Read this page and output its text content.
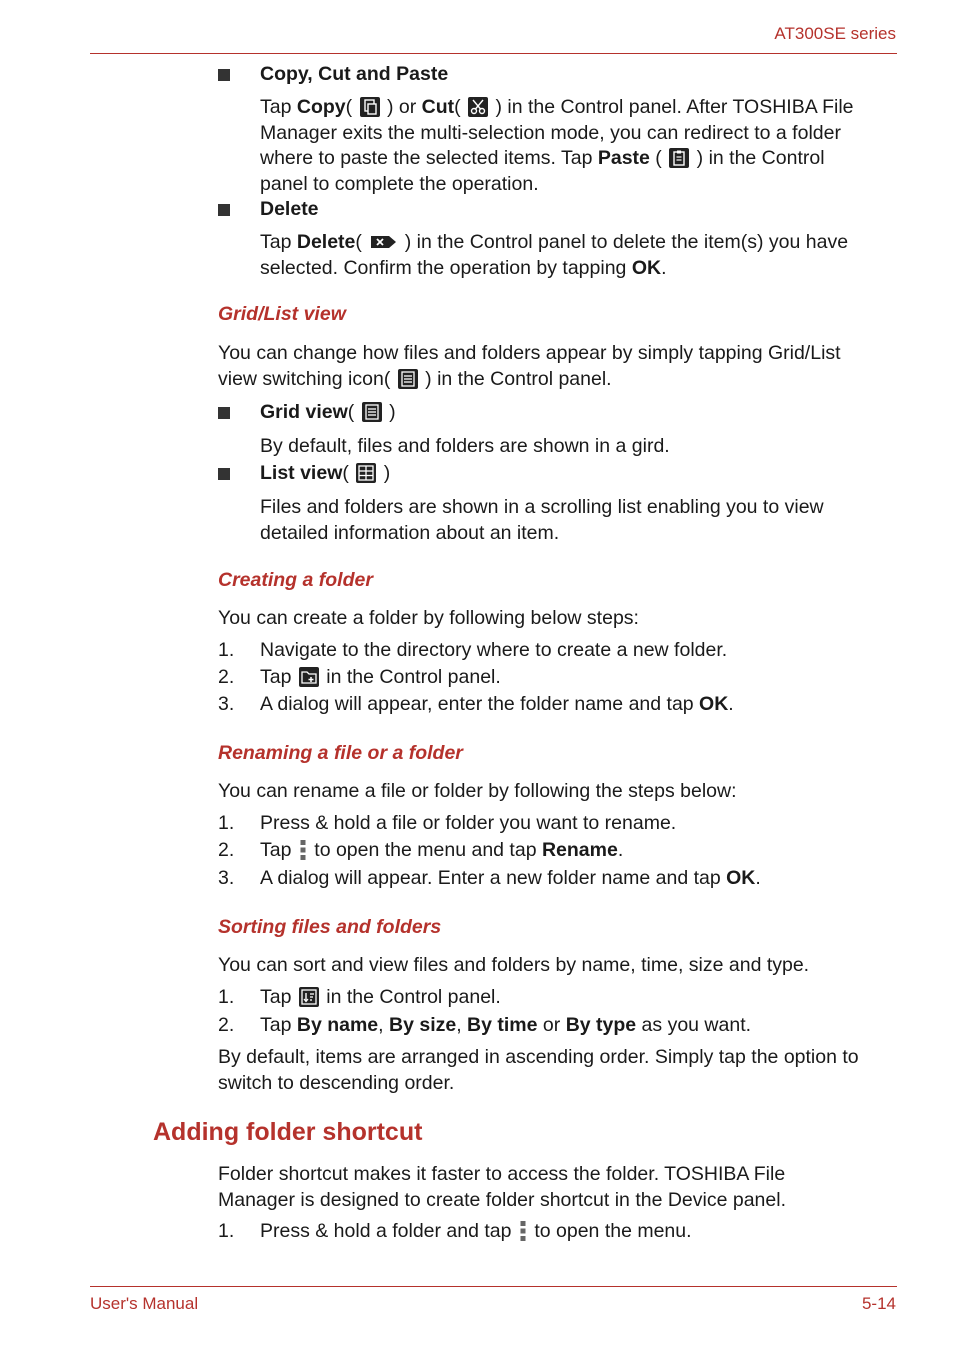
AT300SE series
Copy, Cut and Paste
Tap Copy(
) or Cut(
) in the Control panel. After TOSHIBA File
Manager exits the multi-selection mode, you can redirect to a folder
where to paste the selected items. Tap Paste (
) in the Control
panel to complete the operation.
Delete
Tap Delete(
) in the Control panel to delete the item(s) you have
selected. Confirm the operation by tapping OK.
Grid/List view
You can change how files and folders appear by simply tapping Grid/List
view switching icon(
) in the Control panel.
Grid view(
)
By default, files and folders are shown in a gird.
List view(
)
Files and folders are shown in a scrolling list enabling you to view
detailed information about an item.
Creating a folder
You can create a folder by following below steps:
1. Navigate to the directory where to create a new folder.
2. Tap
in the Control panel.
3. A dialog will appear, enter the folder name and tap OK.
Renaming a file or a folder
You can rename a file or folder by following the steps below:
1. Press & hold a file or folder you want to rename.
2. Tap  to open the menu and tap Rename.
3. A dialog will appear. Enter a new folder name and tap OK.
Sorting files and folders
You can sort and view files and folders by name, time, size and type.
1. Tap
in the Control panel.
2. Tap By name, By size, By time or By type as you want.
By default, items are arranged in ascending order. Simply tap the option to
switch to descending order.
Adding folder shortcut
Folder shortcut makes it faster to access the folder. TOSHIBA File
Manager is designed to create folder shortcut in the Device panel.
1. Press & hold a folder and tap  to open the menu.
User's Manual	5-14
